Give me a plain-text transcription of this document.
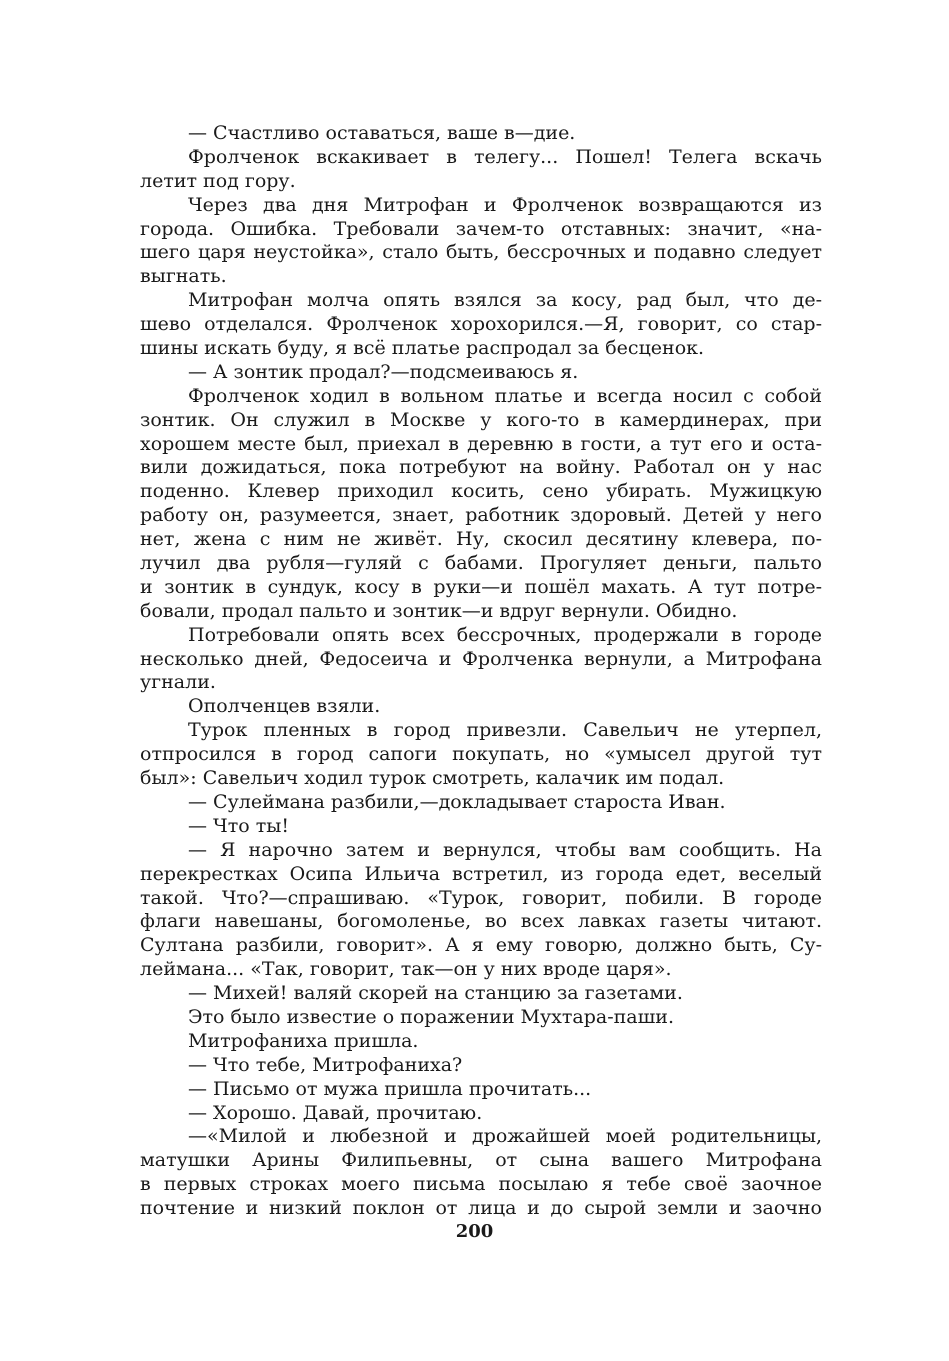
— Счастливо оставаться, ваше в—дие.
Фролченок вскакивает в телегу... Пошел! Телега вскачь
летит под гору.
Через два дня Митрофан и Фролченок возвращаются из
города. Ошибка. Требовали зачем-то отставных: значит, «на-
шего царя неустойка», стало быть, бессрочных и подавно следует
выгнать.
Митрофан молча опять взялся за косу, рад был, что де-
шево отделался. Фролченок хорохорился.—Я, говорит, со стар-
шины искать буду, я всё платье распродал за бесценок.
— А зонтик продал?—подсмеиваюсь я.
Фролченок ходил в вольном платье и всегда носил с собой
зонтик. Он служил в Москве у кого-то в камердинерах, при
хорошем месте был, приехал в деревню в гости, а тут его и оста-
вили дожидаться, пока потребуют на войну. Работал он у нас
поденно. Клевер приходил косить, сено убирать. Мужицкую
работу он, разумеется, знает, работник здоровый. Детей у него
нет, жена с ним не живёт. Ну, скосил десятину клевера, по-
лучил два рубля—гуляй с бабами. Прогуляет деньги, пальто
и зонтик в сундук, косу в руки—и пошёл махать. А тут потре-
бовали, продал пальто и зонтик—и вдруг вернули. Обидно.
Потребовали опять всех бессрочных, продержали в городе
несколько дней, Федосеича и Фролченка вернули, а Митрофана
угнали.
Ополченцев взяли.
Турок пленных в город привезли. Савельич не утерпел,
отпросился в город сапоги покупать, но «умысел другой тут
был»: Савельич ходил турок смотреть, калачик им подал.
— Сулеймана разбили,—докладывает староста Иван.
— Что ты!
— Я нарочно затем и вернулся, чтобы вам сообщить. На
перекрестках Осипа Ильича встретил, из города едет, веселый
такой. Что?—спрашиваю. «Турок, говорит, побили. В городе
флаги навешаны, богомоленье, во всех лавках газеты читают.
Султана разбили, говорит». А я ему говорю, должно быть, Су-
леймана... «Так, говорит, так—он у них вроде царя».
— Михей! валяй скорей на станцию за газетами.
Это было известие о поражении Мухтара-паши.
Митрофаниха пришла.
— Что тебе, Митрофаниха?
— Письмо от мужа пришла прочитать...
— Хорошо. Давай, прочитаю.
—«Милой и любезной и дрожайшей моей родительницы,
матушки Арины Филипьевны, от сына вашего Митрофана
в первых строках моего письма посылаю я тебе своё заочное
почтение и низкий поклон от лица и до сырой земли и заочно
200
